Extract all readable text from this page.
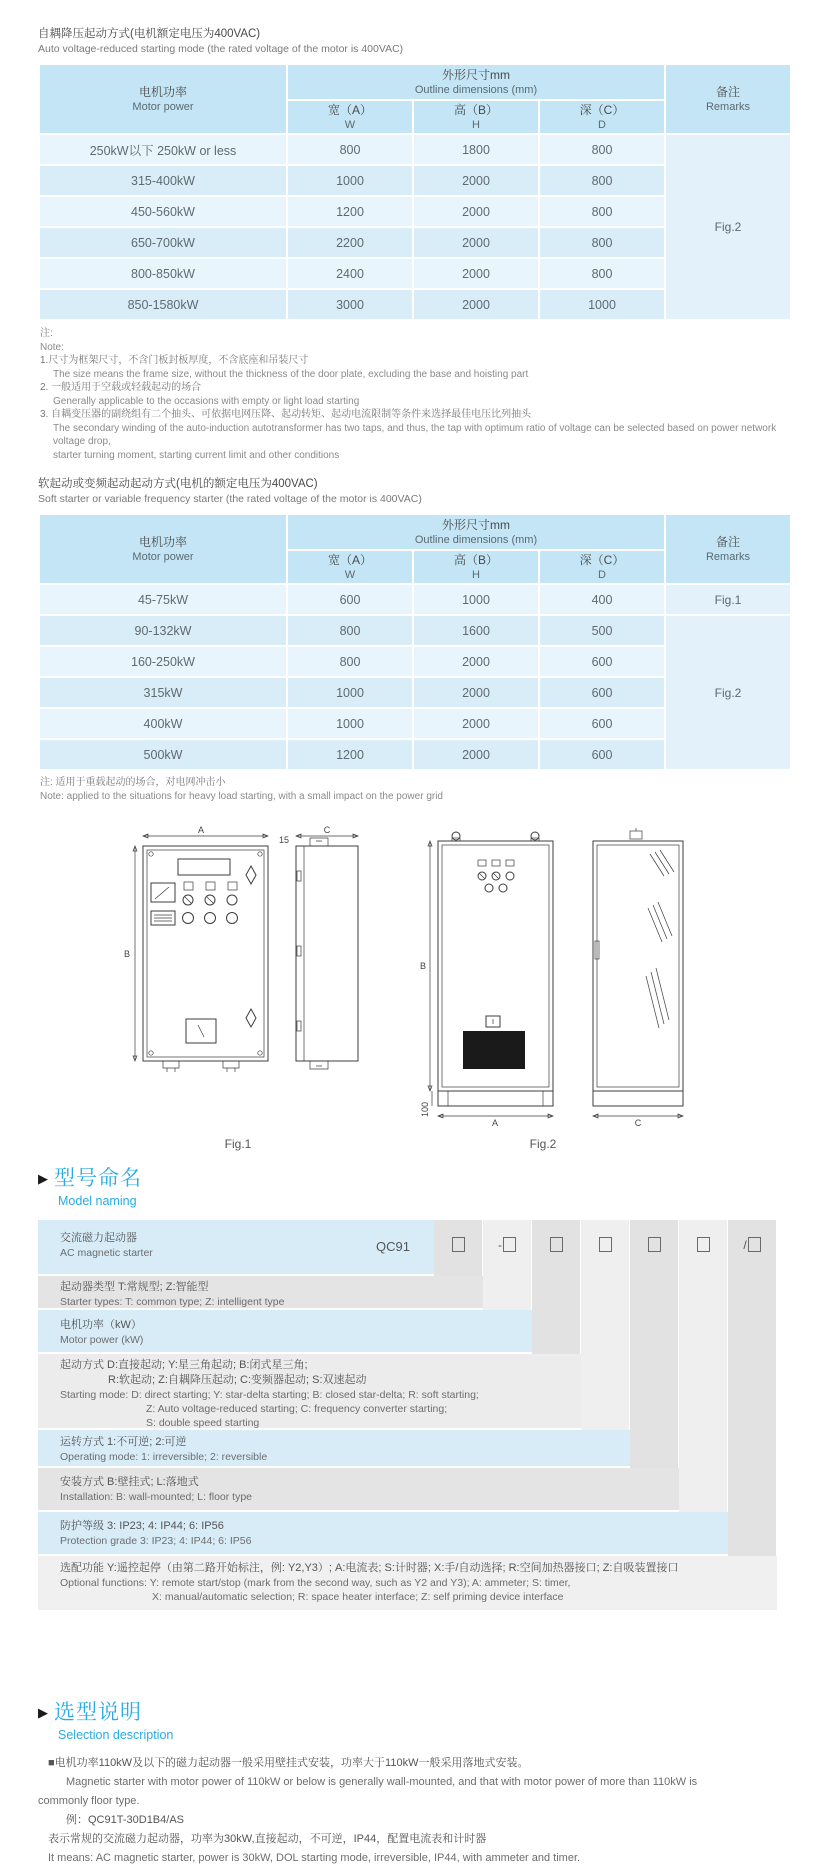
自耦降压起动方式(电机额定电压为400VAC)
Auto voltage-reduced starting mode (the rated voltage of the motor is 400VAC)
电机功率
Motor power

外形尺寸mm
Outline dimensions (mm)	备注
Remarks

宽（A）
W

高（B）
H

深（C）
D

250kW以下 250kW or less	800	1800	800	Fig.2
315-400kW	1000	2000	800	
450-560kW	1200	2000	800	
650-700kW	2200	2000	800	
800-850kW	2400	2000	800	
850-1580kW	3000	2000	1000	
注:
Note:
1.尺寸为框架尺寸，不含门板封板厚度，不含底座和吊装尺寸
The size means the frame size, without the thickness of the door plate, excluding the base and hoisting part
2. 一般适用于空载或轻载起动的场合
Generally applicable to the occasions with empty or light load starting
3. 自耦变压器的副绕组有二个抽头、可依据电网压降、起动转矩、起动电流限制等条件来选择最佳电压比列抽头
The secondary winding of the auto-induction autotransformer has two taps, and thus, the tap with optimum ratio of voltage can be selected based on power network voltage drop,
starter turning moment, starting current limit and other conditions
软起动或变频起动起动方式(电机的额定电压为400VAC)
Soft starter or variable frequency starter (the rated voltage of the motor is 400VAC)
电机功率
Motor power

外形尺寸mm
Outline dimensions (mm)	备注
Remarks

宽（A）
W

高（B）
H

深（C）
D

45-75kW	600	1000	400	Fig.1
90-132kW	800	1600	500	Fig.2
160-250kW	800	2000	600	
315kW	1000	2000	600	
400kW	1000	2000	600	
500kW	1200	2000	600	
注: 适用于重载起动的场合，对电网冲击小
Note: applied to the situations for heavy load starting, with a small impact on the power grid
A
B
15
C
Fig.1
B
100
A	C
Fig.2
▶ 型号命名
Model naming
交流磁力起动器
AC magnetic starter
起动器类型 T:常规型; Z:智能型
Starter types: T: common type; Z: intelligent type
电机功率（kW）
Motor power (kW)
起动方式 D:直接起动; Y:星三角起动; B:闭式星三角;
R:软起动; Z:自耦降压起动; C:变频器起动; S:双速起动
Starting mode: D: direct starting; Y: star-delta starting; B: closed star-delta; R: soft starting;
Z: Auto voltage-reduced starting; C: frequency converter starting;
S: double speed starting
运转方式 1:不可逆; 2:可逆
Operating mode: 1: irreversible; 2: reversible
安装方式 B:壁挂式; L:落地式
Installation: B: wall-mounted; L: floor type
防护等级 3: IP23; 4: IP44; 6: IP56
Protection grade 3: IP23; 4: IP44; 6: IP56
选配功能 Y:遥控起停（由第二路开始标注，例: Y2,Y3）; A:电流表; S:计时器; X:手/自动选择; R:空间加热器接口; Z:自吸装置接口
Optional functions: Y: remote start/stop (mark from the second way, such as Y2 and Y3); A: ammeter; S: timer,
X: manual/automatic selection; R: space heater interface; Z: self priming device interface
QC91	-	/
▶ 选型说明
Selection description
■电机功率110kW及以下的磁力起动器一般采用壁挂式安装，功率大于110kW一般采用落地式安装。
Magnetic starter with motor power of 110kW or below is generally wall-mounted, and that with motor power of more than 110kW is
commonly floor type.
例：QC91T-30D1B4/AS
表示常规的交流磁力起动器，功率为30kW,直接起动，不可逆，IP44，配置电流表和计时器
It means: AC magnetic starter, power is 30kW, DOL starting mode, irreversible, IP44, with ammeter and timer.
